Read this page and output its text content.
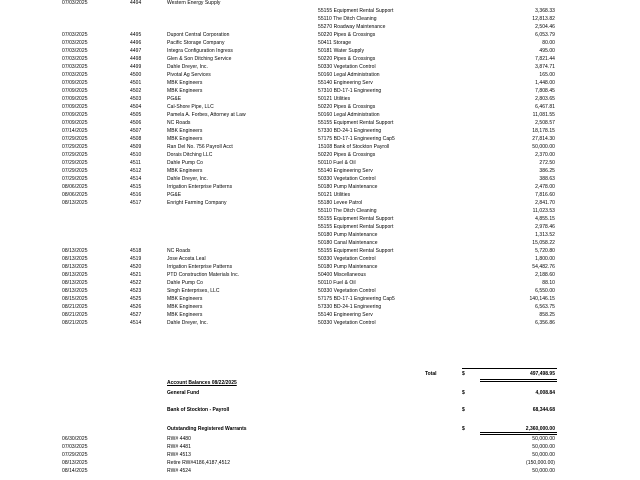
07/03/2025	4494	Western Energy Supply
55155 Equipment Rental Support	3,368.33
55110 The Ditch Cleaning	12,813.82
55270 Roadway Maintenance	2,504.46
07/03/2025	4495	Dupont Central Corporation	50220 Pipes & Crossings	6,053.79
07/03/2025	4496	Pacific Storage Company	50411 Storage	80.00
07/03/2025	4497	Integra Configuration Ingress	50181 Water Supply	495.00
07/03/2025	4498	Glen & Son Ditching Service	50220 Pipes & Crossings	7,821.44
07/03/2025	4499	Dahle Dreyer, Inc.	50330 Vegetation Control	3,874.71
07/03/2025	4500	Pivotal Ag Services	50160 Legal Administration	165.00
07/09/2025	4501	MBK Engineers	55140 Engineering Serv	1,448.00
07/09/2025	4502	MBK Engineers	57310 BD-17-1 Engineering	7,808.45
07/09/2025	4503	PG&E	50121 Utilities	2,803.65
07/09/2025	4504	Cal-Shore Pipe, LLC	50220 Pipes & Crossings	6,467.81
07/09/2025	4505	Pamela A. Forbes, Attorney at Law	50160 Legal Administration	11,081.55
07/09/2025	4506	NC Roads	55155 Equipment Rental Support	2,508.57
07/14/2025	4507	MBK Engineers	57330 BD-24-1 Engineering	18,178.15
07/29/2025	4508	MBK Engineers	57175 BD-17-1 Engineering Cap5	27,814.30
07/29/2025	4509	Ran Del No. 756 Payroll Acct	15108 Bank of Stockton Payroll	50,000.00
07/29/2025	4510	Dorais Ditching LLC	50220 Pipes & Crossings	2,370.00
07/29/2025	4511	Dahle Pump Co	50110 Fuel & Oil	272.50
07/29/2025	4512	MBK Engineers	55140 Engineering Serv	386.25
07/29/2025	4514	Dahle Dreyer, Inc.	50330 Vegetation Control	388.63
08/06/2025	4515	Irrigation Enterprise Patterns	50180 Pump Maintenance	2,478.00
08/06/2025	4516	PG&E	50121 Utilities	7,816.60
08/13/2025	4517	Enright Farming Company	55180 Levee Patrol	2,841.70
55110 The Ditch Cleaning	11,023.53
55155 Equipment Rental Support	4,855.15
55155 Equipment Rental Support	2,978.46
50180 Pump Maintenance	1,313.52
50180 Canal Maintenance	15,058.22
08/13/2025	4518	NC Roads	55155 Equipment Rental Support	5,720.80
08/13/2025	4519	Jose Acosta Leal	50330 Vegetation Control	1,800.00
08/13/2025	4520	Irrigation Enterprise Patterns	50180 Pump Maintenance	54,482.76
08/13/2025	4521	PTD Construction Materials Inc.	50400 Miscellaneous	2,188.60
08/13/2025	4522	Dahle Pump Co	50110 Fuel & Oil	88.10
08/13/2025	4523	Singh Enterprises, LLC	50330 Vegetation Control	6,550.00
08/15/2025	4525	MBK Engineers	57175 BD-17-1 Engineering Cap5	140,146.15
08/21/2025	4526	MBK Engineers	57330 BD-24-1 Engineering	6,563.75
08/21/2025	4527	MBK Engineers	55140 Engineering Serv	858.25
08/21/2025	4514	Dahle Dreyer, Inc.	50330 Vegetation Control	6,356.86
Total	$	497,498.95
Account Balances 08/22/2025
General Fund	$	4,008.84
Bank of Stockton - Payroll	$	68,344.68
Outstanding Registered Warrants	$	2,360,000.00
06/30/2025	RW# 4480	50,000.00
07/03/2025	RW# 4481	50,000.00
07/29/2025	RW# 4513	50,000.00
08/13/2025	Retire RW#4186,4187,4512	(150,000.00)
08/14/2025	RW# 4524	50,000.00
